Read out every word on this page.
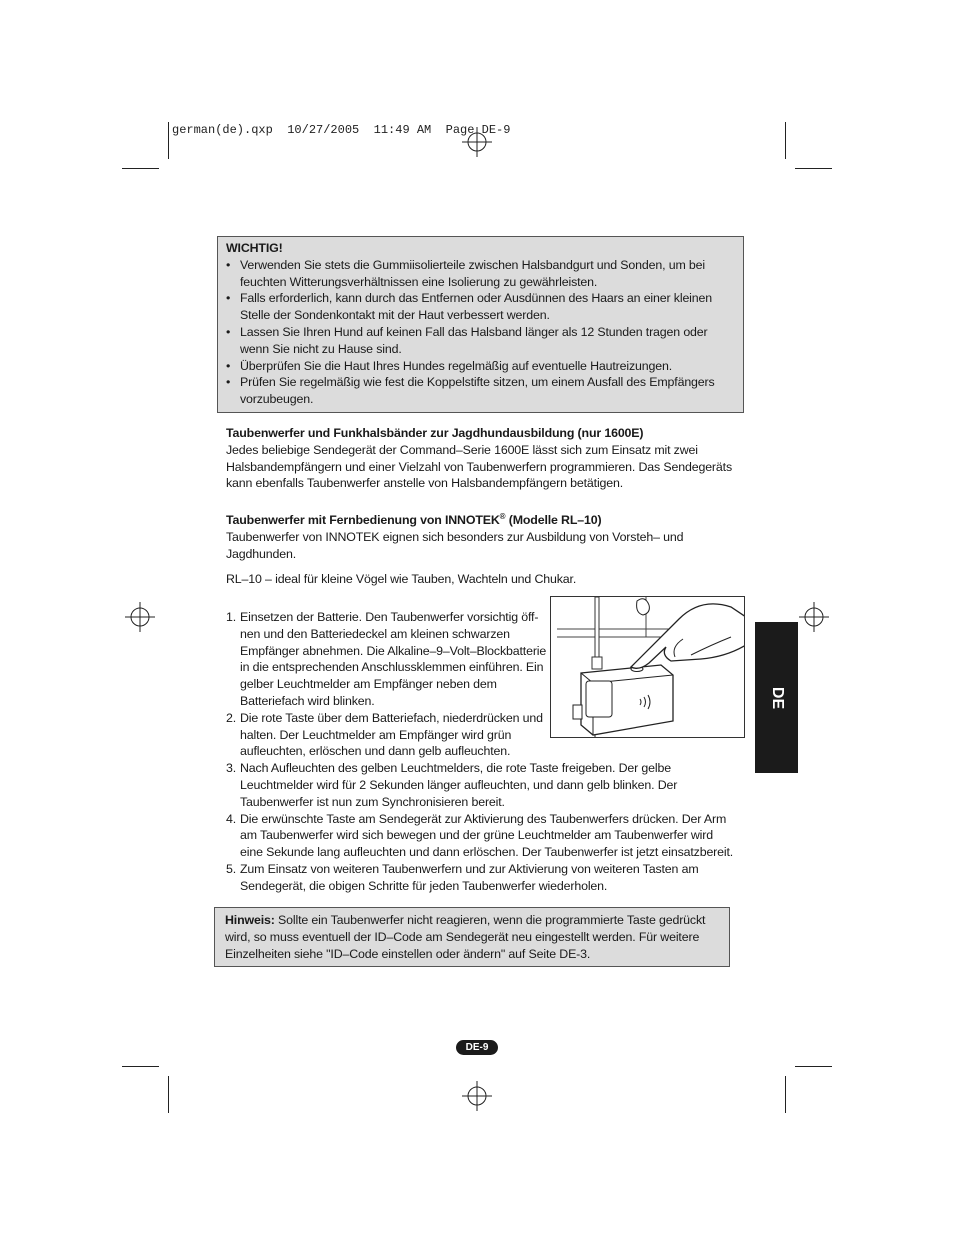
german(de).qxp  10/27/2005  11:49 AM  Page DE-9
WICHTIG!
• Verwenden Sie stets die Gummiisolierteile zwischen Halsbandgurt und Sonden, um bei feuchten Witterungsverhältnissen eine Isolierung zu gewährleisten.
• Falls erforderlich, kann durch das Entfernen oder Ausdünnen des Haars an einer kleinen Stelle der Sondenkontakt mit der Haut verbessert werden.
• Lassen Sie Ihren Hund auf keinen Fall das Halsband länger als 12 Stunden tragen oder wenn Sie nicht zu Hause sind.
• Überprüfen Sie die Haut Ihres Hundes regelmäßig auf eventuelle Hautreizungen.
• Prüfen Sie regelmäßig wie fest die Koppelstifte sitzen, um einem Ausfall des Empfängers vorzubeugen.
Taubenwerfer und Funkhalsbänder zur Jagdhundausbildung (nur 1600E)

Jedes beliebige Sendegerät der Command–Serie 1600E lässt sich zum Einsatz mit zwei Halsbandempfängern und einer Vielzahl von Taubenwerfern programmieren. Das Sendegeräts kann ebenfalls Taubenwerfer anstelle von Halsbandempfängern betätigen.

Taubenwerfer mit Fernbedienung von INNOTEK® (Modelle RL–10)

Taubenwerfer von INNOTEK eignen sich besonders zur Ausbildung von Vorsteh– und Jagdhunden.

RL–10 – ideal für kleine Vögel wie Tauben, Wachteln und Chukar.

1. Einsetzen der Batterie. Den Taubenwerfer vorsichtig öff- nen und den Batteriedeckel am kleinen schwarzen Empfänger abnehmen. Die Alkaline–9–Volt–Blockbatterie in die entsprechenden Anschlussklemmen einführen. Ein gelber Leuchtmelder am Empfänger neben dem Batteriefach wird blinken.
2. Die rote Taste über dem Batteriefach, niederdrücken und halten. Der Leuchtmelder am Empfänger wird grün aufleuchten, erlöschen und dann gelb aufleuchten.
3. Nach Aufleuchten des gelben Leuchtmelders, die rote Taste freigeben. Der gelbe Leuchtmelder wird für 2 Sekunden länger aufleuchten, und dann gelb blinken. Der Taubenwerfer ist nun zum Synchronisieren bereit.
4. Die erwünschte Taste am Sendegerät zur Aktivierung des Taubenwerfers drücken. Der Arm am Taubenwerfer wird sich bewegen und der grüne Leuchtmelder am Taubenwerfer wird eine Sekunde lang aufleuchten und dann erlöschen. Der Taubenwerfer ist jetzt einsatzbereit.
5. Zum Einsatz von weiteren Taubenwerfern und zur Aktivierung von weiteren Tasten am Sendegerät, die obigen Schritte für jeden Taubenwerfer wiederholen.
Hinweis: Sollte ein Taubenwerfer nicht reagieren, wenn die programmierte Taste gedrückt wird, so muss eventuell der ID–Code am Sendegerät neu eingestellt werden. Für weitere Einzelheiten siehe "ID–Code einstellen oder ändern" auf Seite DE-3.
DE
DE-9
